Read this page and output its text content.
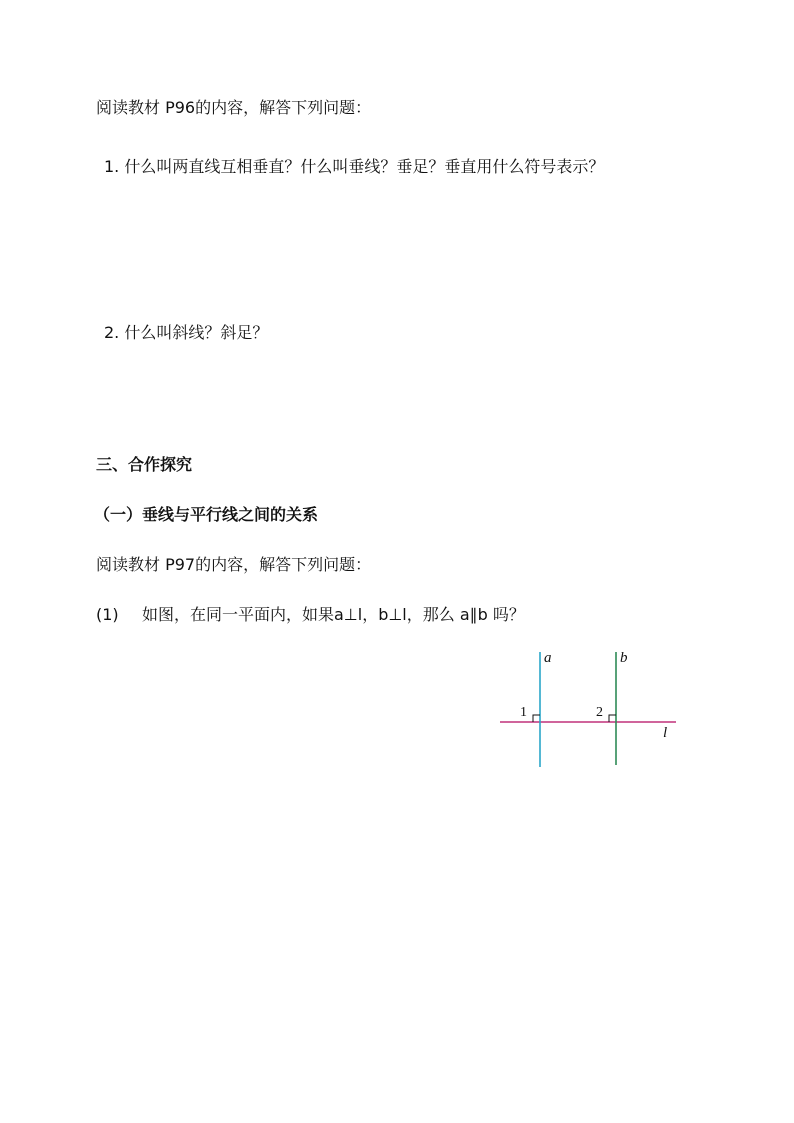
阅读教材 P96的内容，解答下列问题：
1. 什么叫两直线互相垂直？什么叫垂线？垂足？垂直用什么符号表示？
2. 什么叫斜线？斜足？
三、合作探究
（一）垂线与平行线之间的关系
阅读教材 P97的内容，解答下列问题：
(1) 如图，在同一平面内，如果a⊥l，b⊥l，那么 a∥b 吗？
a	b
l
1	2
